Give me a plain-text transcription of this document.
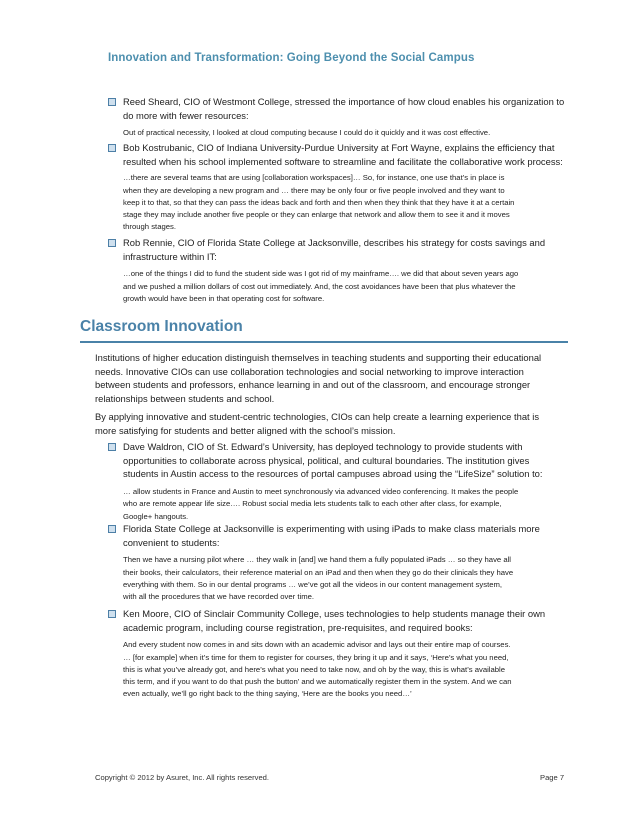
Innovation and Transformation: Going Beyond the Social Campus
Reed Sheard, CIO of Westmont College, stressed the importance of how cloud enables his organization to
do more with fewer resources:
Out of practical necessity, I looked at cloud computing because I could do it quickly and it was cost effective.
Bob Kostrubanic, CIO of Indiana University-Purdue University at Fort Wayne, explains the efficiency that
resulted when his school implemented software to streamline and facilitate the collaborative work process:
…there are several teams that are using [collaboration workspaces]… So, for instance, one use that’s in place is
when they are developing a new program and … there may be only four or five people involved and they want to
keep it to that, so that they can pass the ideas back and forth and then when they think that they have it at a certain
stage they may include another five people or they can enlarge that network and allow them to see it and it moves
through stages.
Rob Rennie, CIO of Florida State College at Jacksonville, describes his strategy for costs savings and
infrastructure within IT:
…one of the things I did to fund the student side was I got rid of my mainframe…. we did that about seven years ago
and we pushed a million dollars of cost out immediately. And, the cost avoidances have been that plus whatever the
growth would have been in that operating cost for software.
Classroom Innovation
Institutions of higher education distinguish themselves in teaching students and supporting their educational
needs. Innovative CIOs can use collaboration technologies and social networking to improve interaction
between students and professors, enhance learning in and out of the classroom, and encourage stronger
relationships between students and school.
By applying innovative and student-centric technologies, CIOs can help create a learning experience that is
more satisfying for students and better aligned with the school’s mission.
Dave Waldron, CIO of St. Edward’s University, has deployed technology to provide students with
opportunities to collaborate across physical, political, and cultural boundaries. The institution gives
students in Austin access to the resources of portal campuses abroad using the “LifeSize” solution to:
… allow students in France and Austin to meet synchronously via advanced video conferencing. It makes the people
who are remote appear life size…. Robust social media lets students talk to each other after class, for example,
Google+ hangouts.
Florida State College at Jacksonville is experimenting with using iPads to make class materials more
convenient to students:
Then we have a nursing pilot where … they walk in [and] we hand them a fully populated iPads … so they have all
their books, their calculators, their reference material on an iPad and then when they go do their clinicals they have
everything with them. So in our dental programs … we’ve got all the videos in our content management system,
with all the procedures that we have recorded over time.
Ken Moore, CIO of Sinclair Community College, uses technologies to help students manage their own
academic program, including course registration, pre-requisites, and required books:
And every student now comes in and sits down with an academic advisor and lays out their entire map of courses.
… [for example] when it’s time for them to register for courses, they bring it up and it says, ‘Here’s what you need,
this is what you’ve already got, and here’s what you need to take now, and oh by the way, this is what’s available
this term, and if you want to do that push the button’ and we automatically register them in the system. And we can
even actually, we’ll go right back to the thing saying, ‘Here are the books you need…’
Copyright © 2012 by Asuret, Inc. All rights reserved.	Page 7
